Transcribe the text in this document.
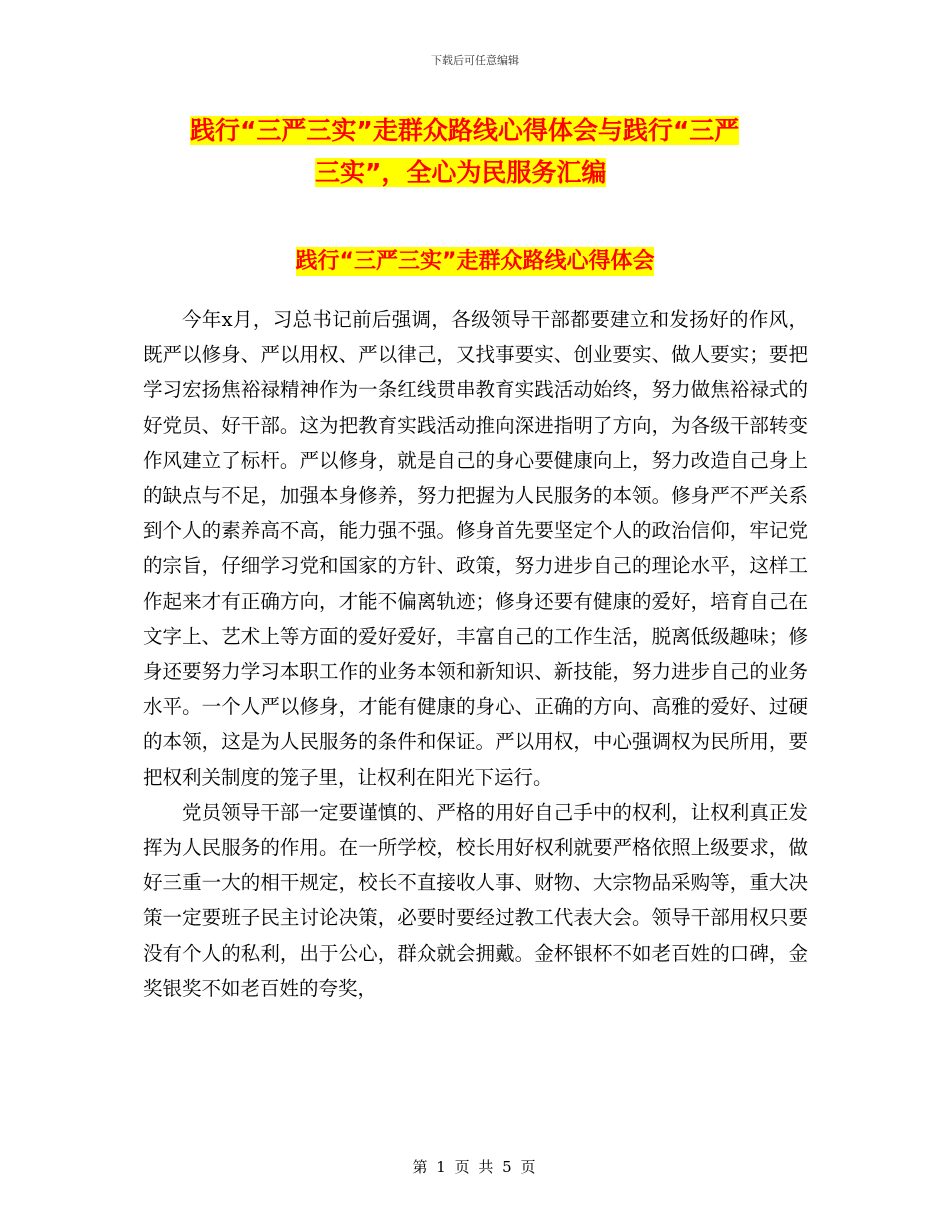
下载后可任意编辑
践行“三严三实”走群众路线心得体会与践行“三严
三实”，全心为民服务汇编
践行“三严三实”走群众路线心得体会

今年x月，习总书记前后强调，各级领导干部都要建立和发扬好的作风，既严以修身、严以用权、严以律己，又找事要实、创业要实、做人要实；要把学习宏扬焦裕禄精神作为一条红线贯串教育实践活动始终，努力做焦裕禄式的好党员、好干部。这为把教育实践活动推向深进指明了方向，为各级干部转变作风建立了标杆。严以修身，就是自己的身心要健康向上，努力改造自己身上的缺点与不足，加强本身修养，努力把握为人民服务的本领。修身严不严关系到个人的素养高不高，能力强不强。修身首先要坚定个人的政治信仰，牢记党的宗旨，仔细学习党和国家的方针、政策，努力进步自己的理论水平，这样工作起来才有正确方向，才能不偏离轨迹；修身还要有健康的爱好，培育自己在文字上、艺术上等方面的爱好爱好，丰富自己的工作生活，脱离低级趣味；修身还要努力学习本职工作的业务本领和新知识、新技能，努力进步自己的业务水平。一个人严以修身，才能有健康的身心、正确的方向、高雅的爱好、过硬的本领，这是为人民服务的条件和保证。严以用权，中心强调权为民所用，要把权利关制度的笼子里，让权利在阳光下运行。

党员领导干部一定要谨慎的、严格的用好自己手中的权利，让权利真正发挥为人民服务的作用。在一所学校，校长用好权利就要严格依照上级要求，做好三重一大的相干规定，校长不直接收人事、财物、大宗物品采购等，重大决策一定要班子民主讨论决策，必要时要经过教工代表大会。领导干部用权只要没有个人的私利，出于公心，群众就会拥戴。金杯银杯不如老百姓的口碑，金奖银奖不如老百姓的夸奖，

第 1 页 共 5 页
